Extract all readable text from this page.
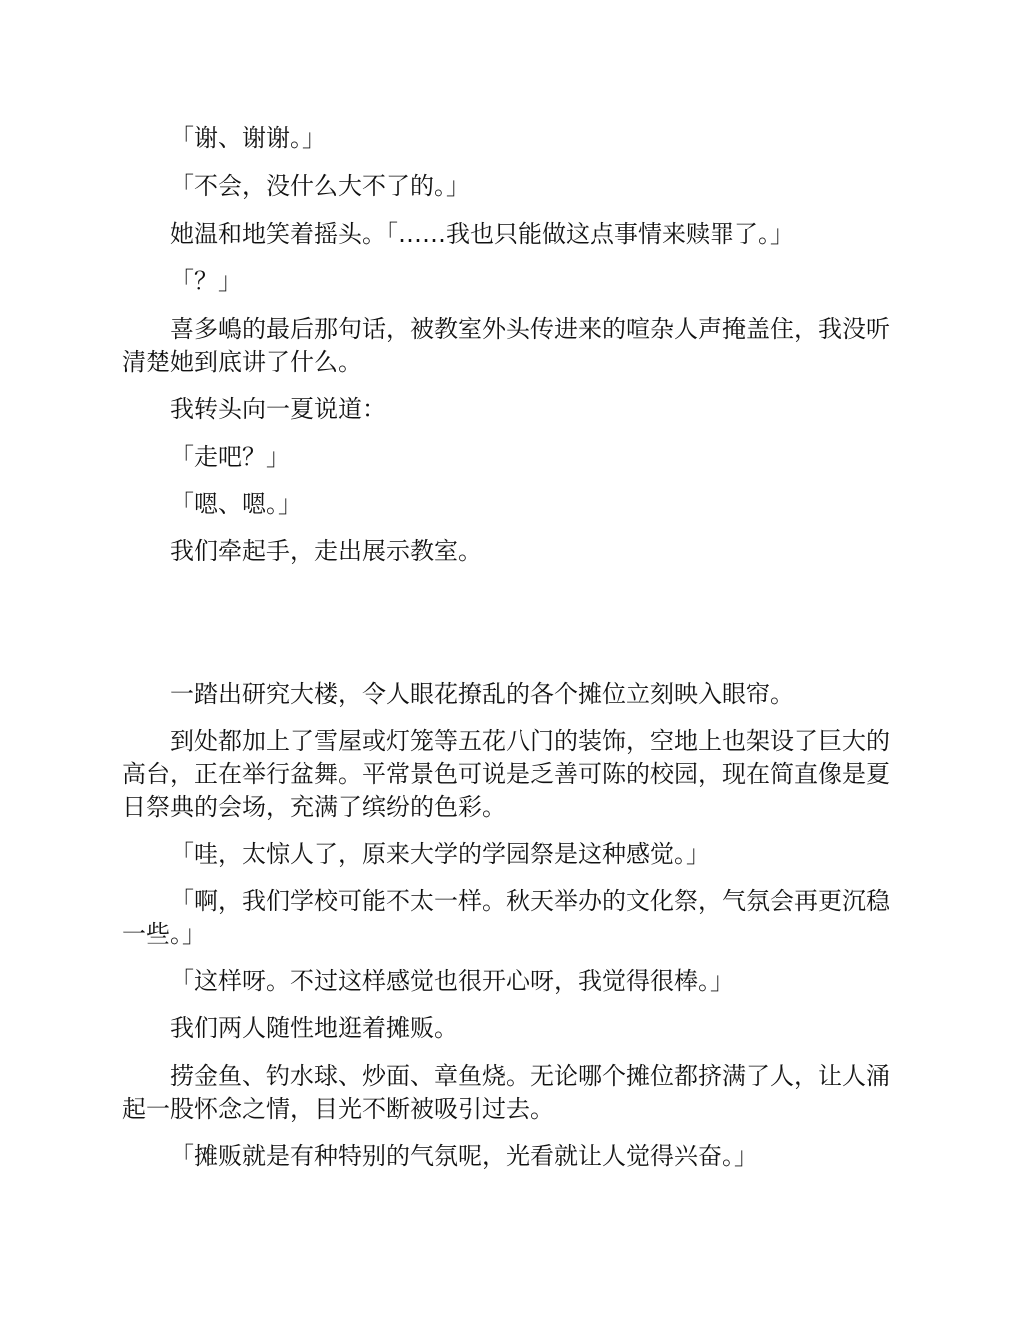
「谢、谢谢。」

「不会，没什么大不了的。」

她温和地笑着摇头。「……我也只能做这点事情来赎罪了。」

「？」

喜多嶋的最后那句话，被教室外头传进来的喧杂人声掩盖住，我没听清楚她到底讲了什么。

我转头向一夏说道：

「走吧？」

「嗯、嗯。」

我们牵起手，走出展示教室。

一踏出研究大楼，令人眼花撩乱的各个摊位立刻映入眼帘。

到处都加上了雪屋或灯笼等五花八门的装饰，空地上也架设了巨大的高台，正在举行盆舞。平常景色可说是乏善可陈的校园，现在简直像是夏日祭典的会场，充满了缤纷的色彩。

「哇，太惊人了，原来大学的学园祭是这种感觉。」

「啊，我们学校可能不太一样。秋天举办的文化祭，气氛会再更沉稳一些。」

「这样呀。不过这样感觉也很开心呀，我觉得很棒。」

我们两人随性地逛着摊贩。

捞金鱼、钓水球、炒面、章鱼烧。无论哪个摊位都挤满了人，让人涌起一股怀念之情，目光不断被吸引过去。

「摊贩就是有种特别的气氛呢，光看就让人觉得兴奋。」
